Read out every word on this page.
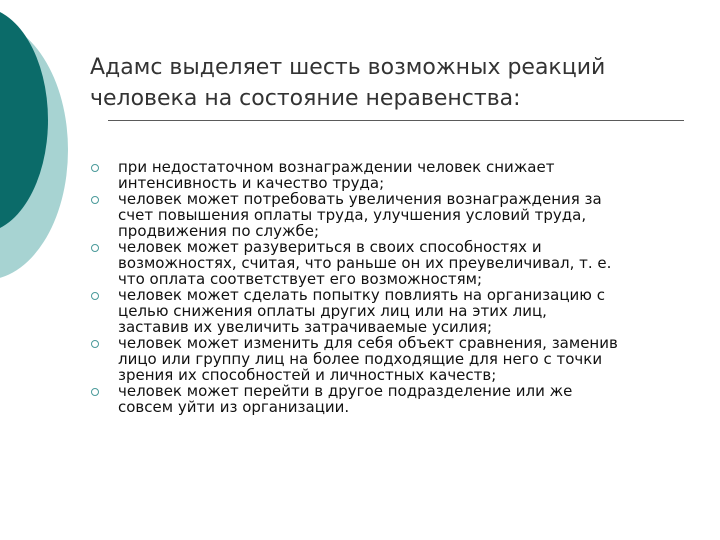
Адамс выделяет шесть возможных реакций
человека на состояние неравенства:
при недостаточном вознаграждении человек снижает
интенсивность и качество труда;
человек может потребовать увеличения вознаграждения за
счет повышения оплаты труда, улучшения условий труда,
продвижения по службе;
человек может разувериться в своих способностях и
возможностях, считая, что раньше он их преувеличивал, т. е.
что оплата соответствует его возможностям;
человек может сделать попытку повлиять на организацию с
целью снижения оплаты других лиц или на этих лиц,
заставив их увеличить затрачиваемые усилия;
человек может изменить для себя объект сравнения, заменив
лицо или группу лиц на более подходящие для него с точки
зрения их способностей и личностных качеств;
человек может перейти в другое подразделение или же
совсем уйти из организации.
